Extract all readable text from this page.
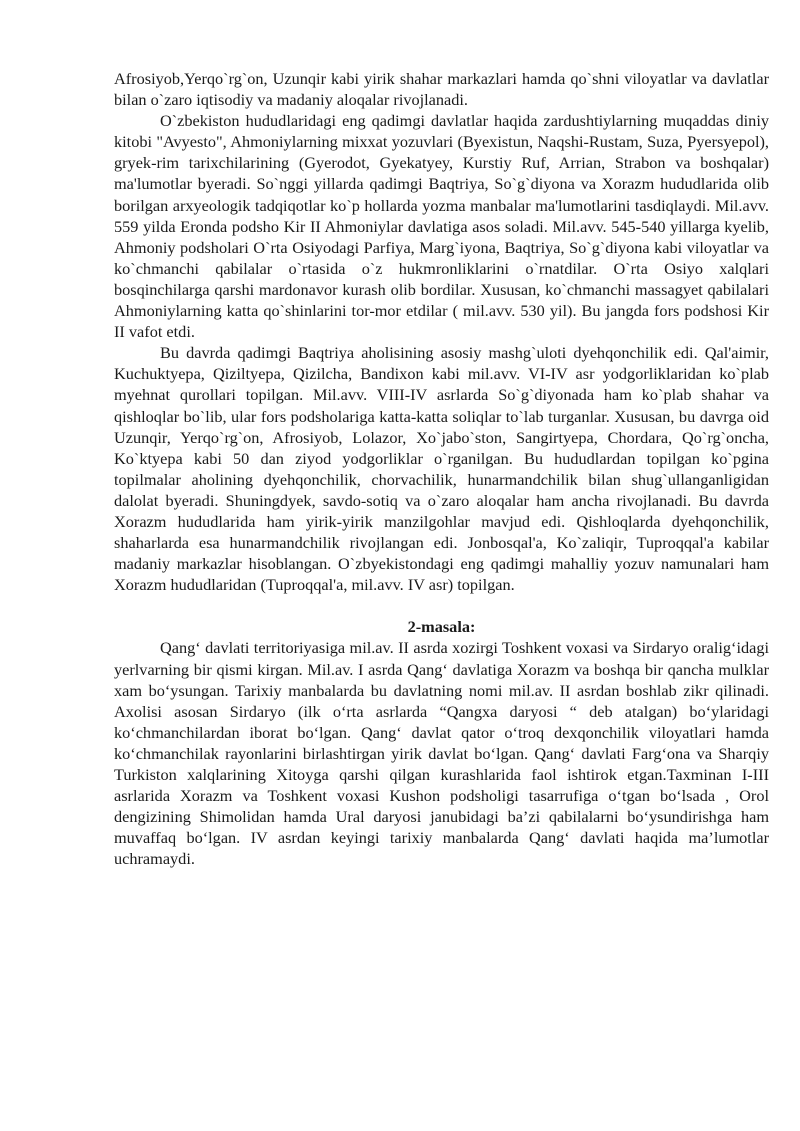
Afrosiyob,Yerqo`rg`on, Uzunqir kabi yirik shahar markazlari hamda qo`shni viloyatlar va davlatlar bilan o`zaro iqtisodiy va madaniy aloqalar rivojlanadi.

O`zbekiston hududlaridagi eng qadimgi davlatlar haqida zardushtiylarning muqaddas diniy kitobi "Avyesto", Ahmoniylarning mixxat yozuvlari (Byexistun, Naqshi-Rustam, Suza, Pyersyepol), gryek-rim tarixchilarining (Gyerodot, Gyekatyey, Kurstiy Ruf, Arrian, Strabon va boshqalar) ma'lumotlar byeradi. So`nggi yillarda qadimgi Baqtriya, So`g`diyona va Xorazm hududlarida olib borilgan arxyeologik tadqiqotlar ko`p hollarda yozma manbalar ma'lumotlarini tasdiqlaydi. Mil.avv. 559 yilda Eronda podsho Kir II Ahmoniylar davlatiga asos soladi. Mil.avv. 545-540 yillarga kyelib, Ahmoniy podsholari O`rta Osiyodagi Parfiya, Marg`iyona, Baqtriya, So`g`diyona kabi viloyatlar va ko`chmanchi qabilalar o`rtasida o`z hukmronliklarini o`rnatdilar. O`rta Osiyo xalqlari bosqinchilarga qarshi mardonavor kurash olib bordilar. Xususan, ko`chmanchi massagyet qabilalari Ahmoniylarning katta qo`shinlarini tor-mor etdilar ( mil.avv. 530 yil). Bu jangda fors podshosi Kir II vafot etdi.

Bu davrda qadimgi Baqtriya aholisining asosiy mashg`uloti dyehqonchilik edi. Qal'aimir, Kuchuktyepa, Qiziltyepa, Qizilcha, Bandixon kabi mil.avv. VI-IV asr yodgorliklaridan ko`plab myehnat qurollari topilgan. Mil.avv. VIII-IV asrlarda So`g`diyonada ham ko`plab shahar va qishloqlar bo`lib, ular fors podsholariga katta-katta soliqlar to`lab turganlar. Xususan, bu davrga oid Uzunqir, Yerqo`rg`on, Afrosiyob, Lolazor, Xo`jabo`ston, Sangirtyepa, Chordara, Qo`rg`oncha, Ko`ktyepa kabi 50 dan ziyod yodgorliklar o`rganilgan. Bu hududlardan topilgan ko`pgina topilmalar aholining dyehqonchilik, chorvachilik, hunarmandchilik bilan shug`ullanganligidan dalolat byeradi. Shuningdyek, savdo-sotiq va o`zaro aloqalar ham ancha rivojlanadi. Bu davrda Xorazm hududlarida ham yirik-yirik manzilgohlar mavjud edi. Qishloqlarda dyehqonchilik, shaharlarda esa hunarmandchilik rivojlangan edi. Jonbosqal'a, Ko`zaliqir, Tuproqqal'a kabilar madaniy markazlar hisoblangan. O`zbyekistondagi eng qadimgi mahalliy yozuv namunalari ham Xorazm hududlaridan (Tuproqqal'a, mil.avv. IV asr) topilgan.

2-masala:

Qang‘ davlati territoriyasiga mil.av. II asrda xozirgi Toshkent voxasi va Sirdaryo oralig‘idagi yerlvarning bir qismi kirgan. Mil.av. I asrda Qang‘ davlatiga Xorazm va boshqa bir qancha mulklar xam bo‘ysungan. Tarixiy manbalarda bu davlatning nomi mil.av. II asrdan boshlab zikr qilinadi. Axolisi asosan Sirdaryo (ilk o‘rta asrlarda “Qangxa daryosi “ deb atalgan) bo‘ylaridagi ko‘chmanchilardan iborat bo‘lgan. Qang‘ davlat qator o‘troq dexqonchilik viloyatlari hamda ko‘chmanchilak rayonlarini birlashtirgan yirik davlat bo‘lgan. Qang‘ davlati Farg‘ona va Sharqiy Turkiston xalqlarining Xitoyga qarshi qilgan kurashlarida faol ishtirok etgan.Taxminan I-III asrlarida Xorazm va Toshkent voxasi Kushon podsholigi tasarrufiga o‘tgan bo‘lsada , Orol dengizining Shimolidan hamda Ural daryosi janubidagi ba’zi qabilalarni bo‘ysundirishga ham muvaffaq bo‘lgan. IV asrdan keyingi tarixiy manbalarda Qang‘ davlati haqida ma’lumotlar uchramaydi.
